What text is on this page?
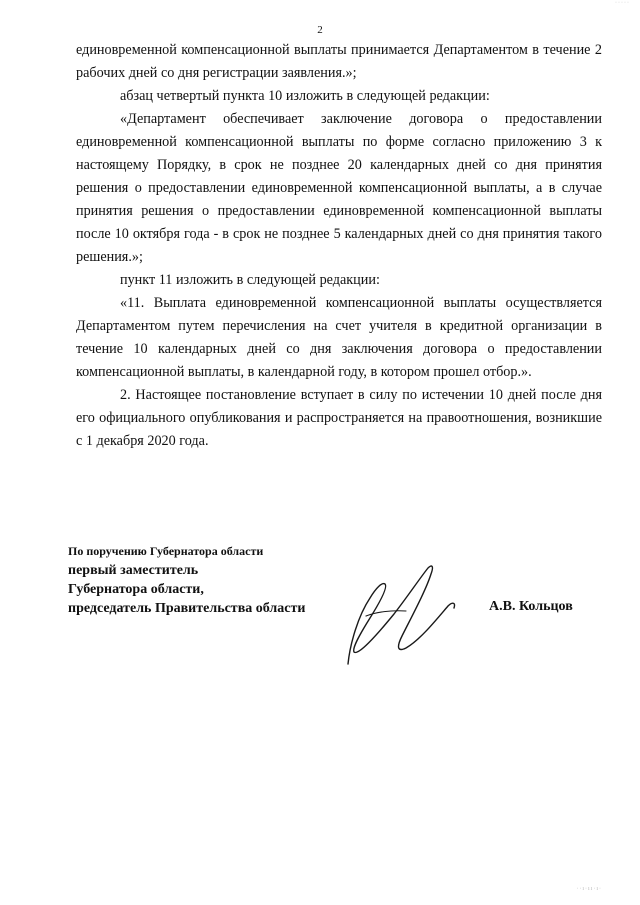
·····
2

единовременной компенсационной выплаты принимается Департаментом в течение 2 рабочих дней со дня регистрации заявления.»;

абзац четвертый пункта 10 изложить в следующей редакции:

«Департамент обеспечивает заключение договора о предоставлении единовременной компенсационной выплаты по форме согласно приложению 3 к настоящему Порядку, в срок не позднее 20 календарных дней со дня принятия решения о предоставлении единовременной компенсационной выплаты, а в случае принятия решения о предоставлении единовременной компенсационной выплаты после 10 октября года - в срок не позднее 5 календарных дней со дня принятия такого решения.»;

пункт 11 изложить в следующей редакции:

«11. Выплата единовременной компенсационной выплаты осуществляется Департаментом путем перечисления на счет учителя в кредитной организации в течение 10 календарных дней со дня заключения договора о предоставлении компенсационной выплаты, в календарной году, в котором прошел отбор.».

2. Настоящее постановление вступает в силу по истечении 10 дней после дня его официального опубликования и распространяется на правоотношения, возникшие с 1 декабря 2020 года.

По поручению Губернатора области
первый заместитель
Губернатора области,
председатель Правительства области	А.В. Кольцов
··ı·ıı·ı·
